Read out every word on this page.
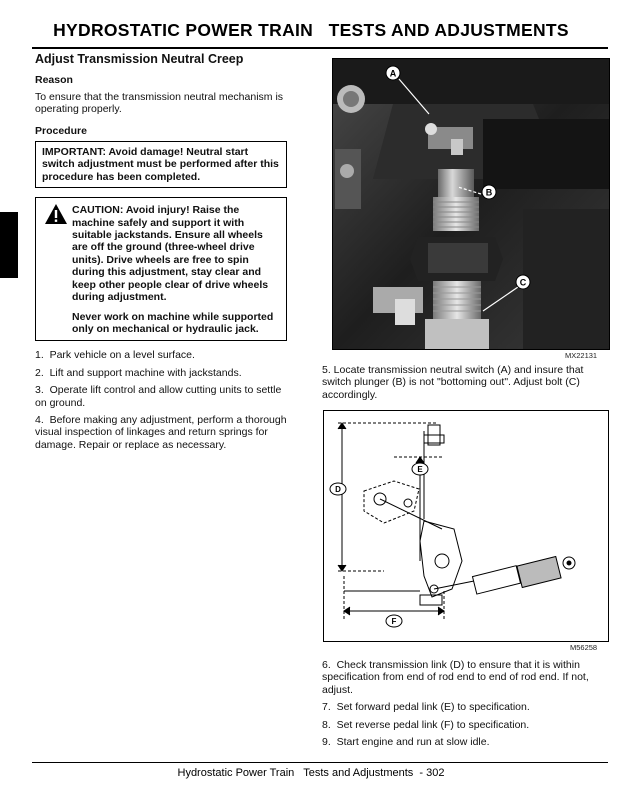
HYDROSTATIC POWER TRAIN   TESTS AND ADJUSTMENTS
Adjust Transmission Neutral Creep
Reason
To ensure that the transmission neutral mechanism is operating properly.
Procedure
IMPORTANT: Avoid damage! Neutral start switch adjustment must be performed after this procedure has been completed.
CAUTION: Avoid injury! Raise the machine safely and support it with suitable jackstands. Ensure all wheels are off the ground (three-wheel drive units). Drive wheels are free to spin during this adjustment, stay clear and keep other people clear of drive wheels during adjustment.
Never work on machine while supported only on mechanical or hydraulic jack.
1.  Park vehicle on a level surface.
2.  Lift and support machine with jackstands.
3.  Operate lift control and allow cutting units to settle on ground.
4.  Before making any adjustment, perform a thorough visual inspection of linkages and return springs for damage. Repair or replace as necessary.
A
B
C
MX22131
5. Locate transmission neutral switch (A) and insure that switch plunger (B) is not "bottoming out". Adjust bolt (C) accordingly.
D
E
F
M56258
6.  Check transmission link (D) to ensure that it is within specification from end of rod end to end of rod end. If not, adjust.
7.  Set forward pedal link (E) to specification.
8.  Set reverse pedal link (F) to specification.
9.  Start engine and run at slow idle.
Hydrostatic Power Train   Tests and Adjustments  - 302
